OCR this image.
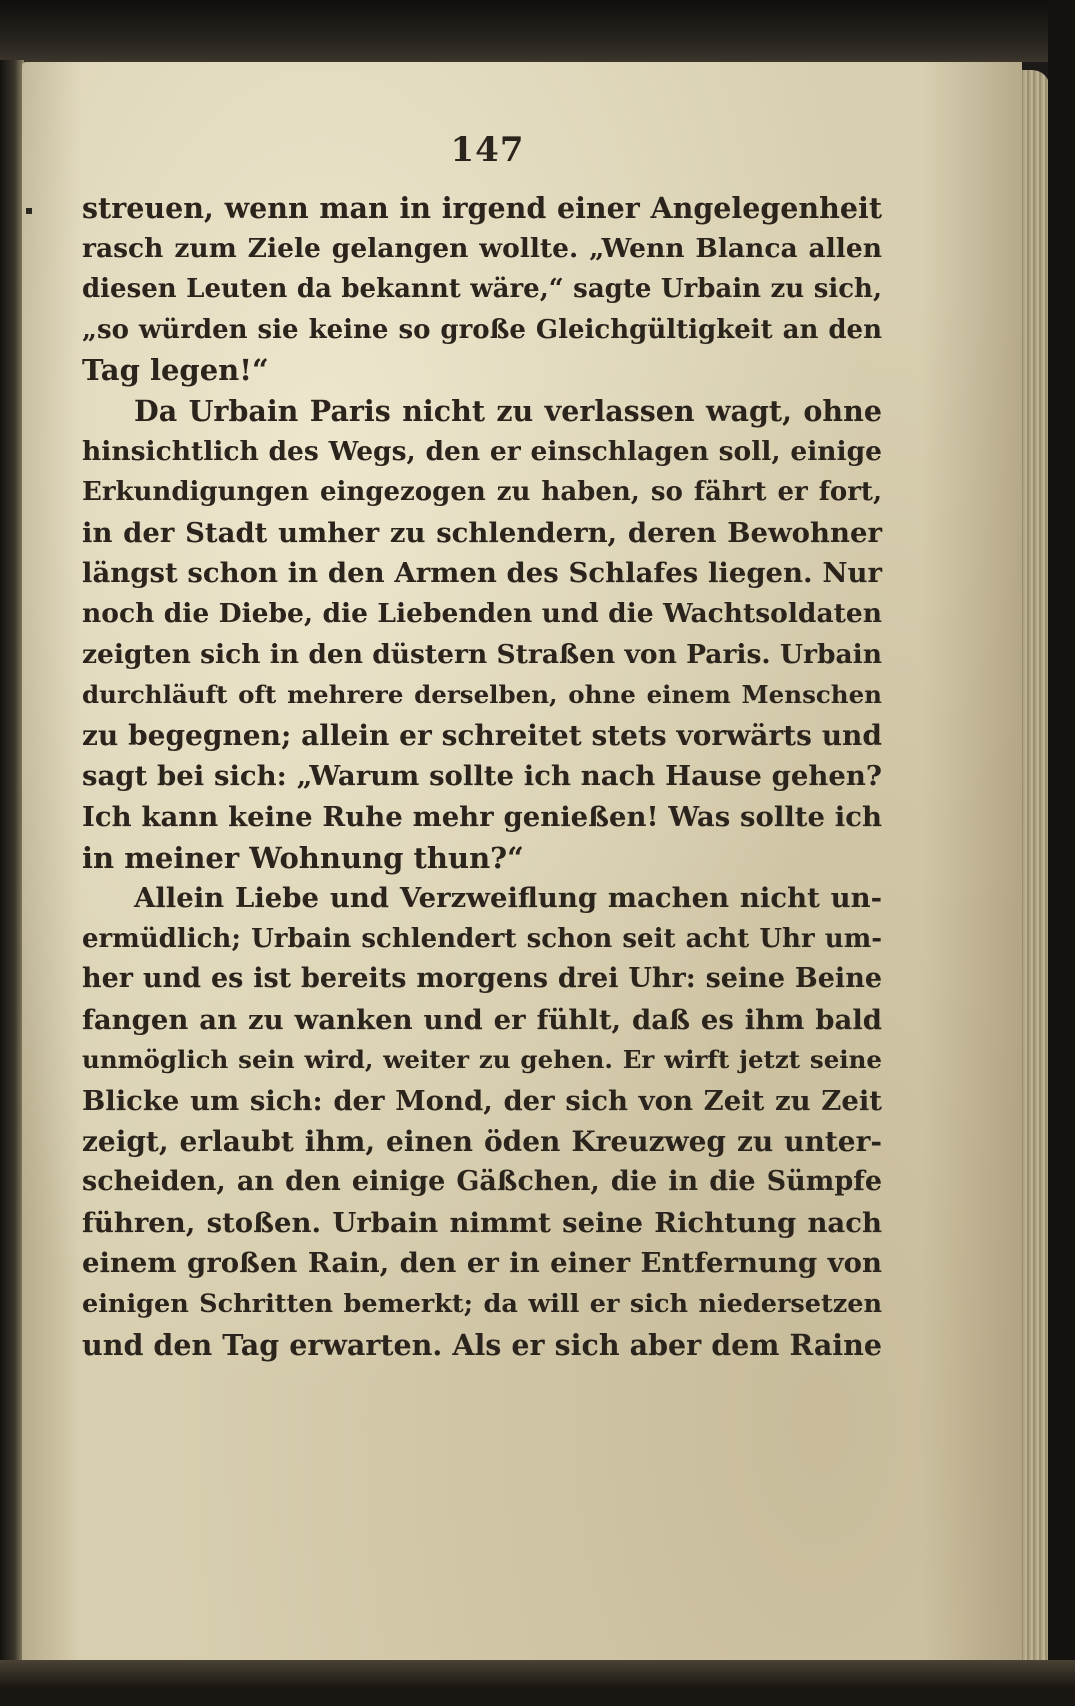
147
streuen, wenn man in irgend einer Angelegenheit
rasch zum Ziele gelangen wollte. „Wenn Blanca allen
diesen Leuten da bekannt wäre,“ sagte Urbain zu sich,
„so würden sie keine so große Gleichgültigkeit an den
Tag legen!“
Da Urbain Paris nicht zu verlassen wagt, ohne
hinsichtlich des Wegs, den er einschlagen soll, einige
Erkundigungen eingezogen zu haben, so fährt er fort,
in der Stadt umher zu schlendern, deren Bewohner
längst schon in den Armen des Schlafes liegen. Nur
noch die Diebe, die Liebenden und die Wachtsoldaten
zeigten sich in den düstern Straßen von Paris. Urbain
durchläuft oft mehrere derselben, ohne einem Menschen
zu begegnen; allein er schreitet stets vorwärts und
sagt bei sich: „Warum sollte ich nach Hause gehen?
Ich kann keine Ruhe mehr genießen! Was sollte ich
in meiner Wohnung thun?“
Allein Liebe und Verzweiflung machen nicht un-
ermüdlich; Urbain schlendert schon seit acht Uhr um-
her und es ist bereits morgens drei Uhr: seine Beine
fangen an zu wanken und er fühlt, daß es ihm bald
unmöglich sein wird, weiter zu gehen. Er wirft jetzt seine
Blicke um sich: der Mond, der sich von Zeit zu Zeit
zeigt, erlaubt ihm, einen öden Kreuzweg zu unter-
scheiden, an den einige Gäßchen, die in die Sümpfe
führen, stoßen. Urbain nimmt seine Richtung nach
einem großen Rain, den er in einer Entfernung von
einigen Schritten bemerkt; da will er sich niedersetzen
und den Tag erwarten. Als er sich aber dem Raine
